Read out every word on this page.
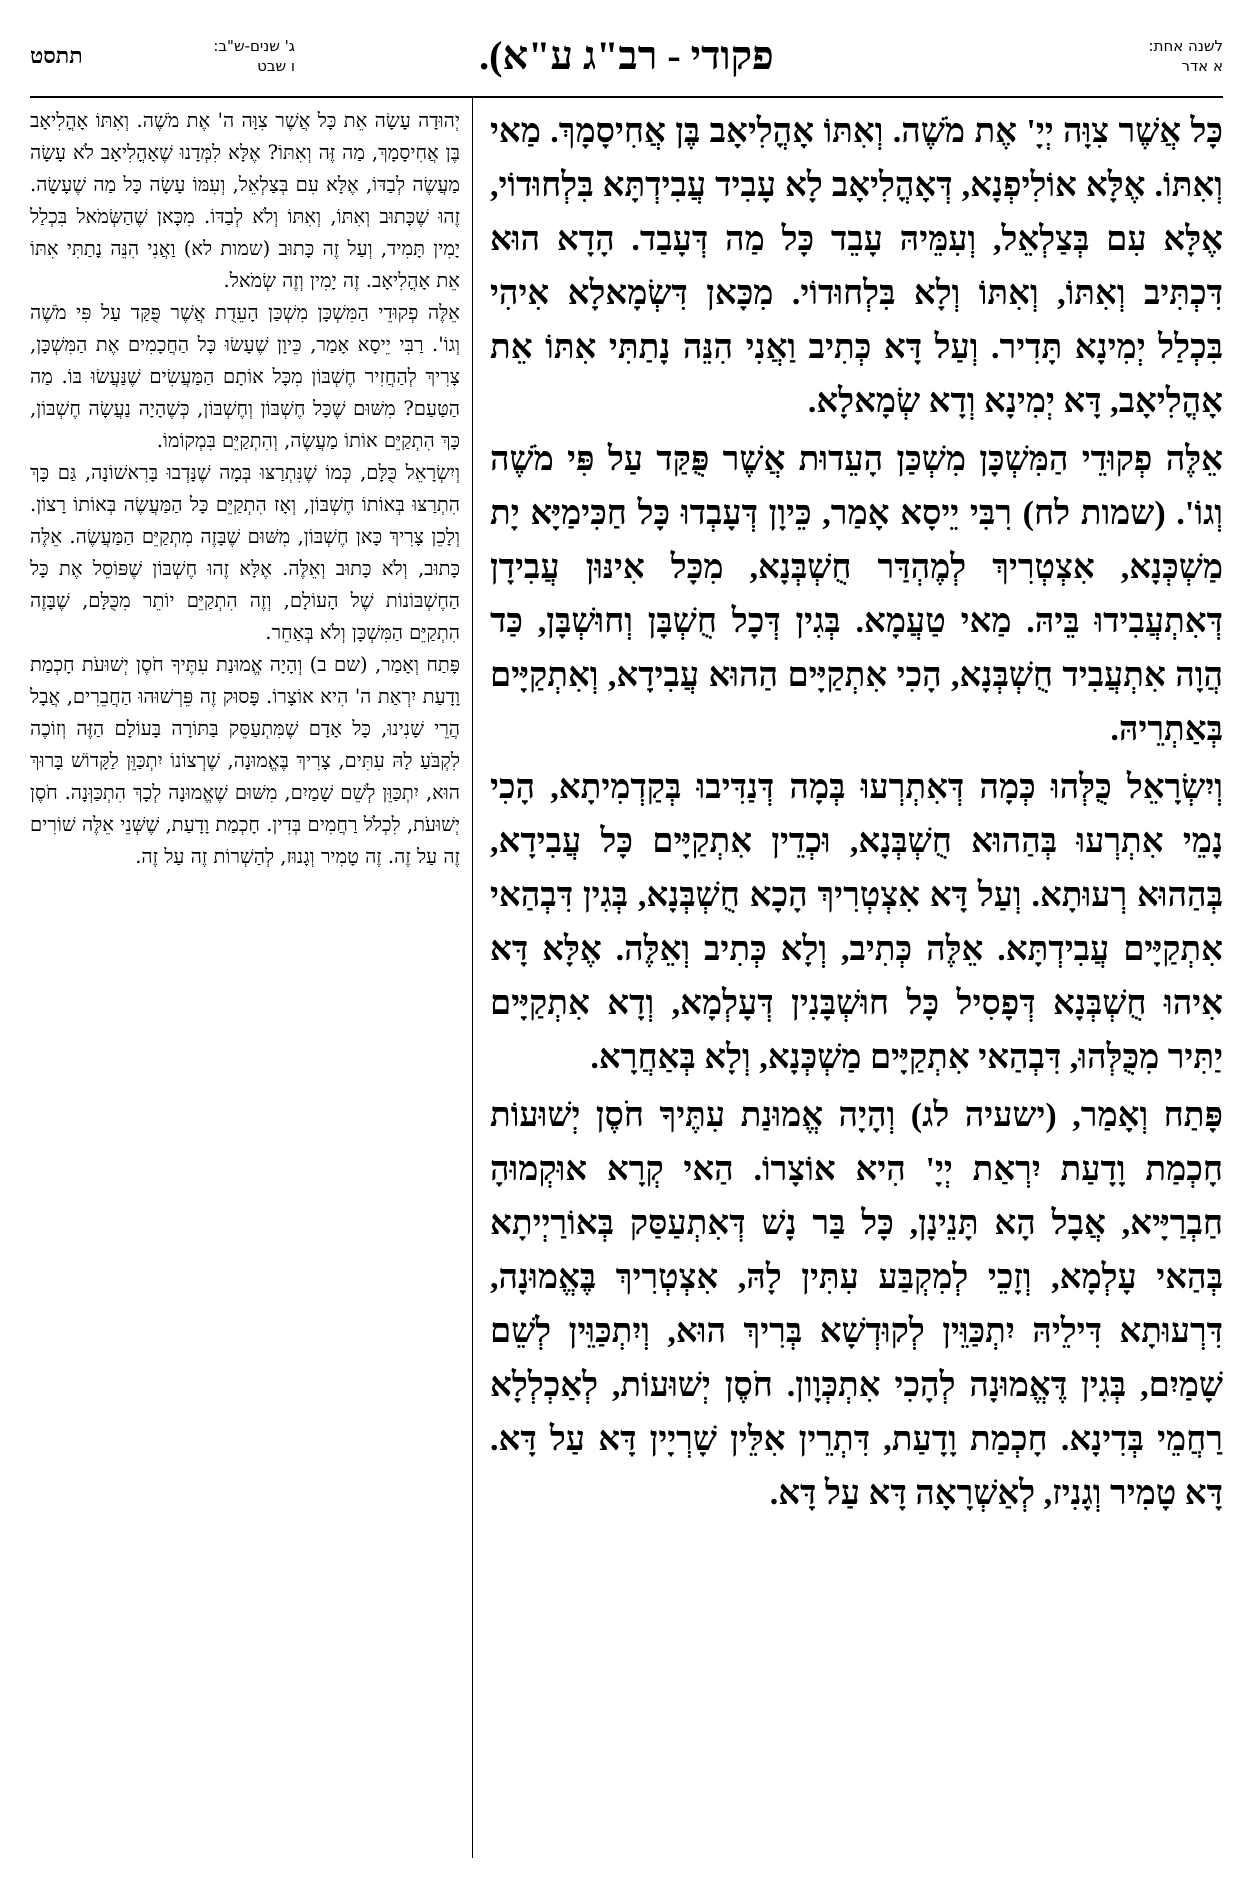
לשנה אחת:
א אדר
פקודי - רב"ג ע"א).
ג' שנים-ש"ב:
ו שבט
תתסט

כָּל אֲשֶׁר צִוָּה יְיָ' אֶת מֹשֶׁה. וְאִתּוֹ אָהֳלִיאָב בֶּן אֲחִיסָמָךְ. מַאי וְאִתּוֹ. אֶלָּא אוֹלִיפְנָא, דְּאָהֳלִיאָב לָא עָבִיד עֲבִידְתָּא בִּלְחוּדוֹי, אֶלָּא עִם בְּצַלְאֵל, וְעִמֵּיהּ עָבֵד כָּל מַה דְּעָבַד. הָדָא הוּא דִּכְתִּיב וְאִתּוֹ, וְאִתּוֹ וְלָא בִּלְחוּדוֹי. מִכָּאן דִּשְׂמָאלָא אִיהִי בִּכְלַל יְמִינָא תָּדִיר. וְעַל דָּא כְּתִיב וַאֲנִי הִנֵּה נָתַתִּי אִתּוֹ אֵת אָהֳלִיאָב, דָּא יְמִינָא וְדָא שְׂמָאלָא.

אֵלֶּה פְקוּדֵי הַמִּשְׁכָּן מִשְׁכַּן הָעֵדוּת אֲשֶׁר פֻּקַּד עַל פִּי מֹשֶׁה וְגוֹ'. (שמות לח) רִבִּי יֵיסָא אָמַר, כֵּיוָן דְּעָבְדוּ כָּל חַכִּימַיָּא יָת מַשְׁכְּנָא, אִצְטְרִיךְ לְמֶהְדַּר חֻשְׁבְּנָא, מִכָּל אִינּוּן עֲבִידָן דְּאִתְעֲבִידוּ בֵּיהּ. מַאי טַעֲמָא. בְּגִין דְּכָל חֻשְׁבָּן וְחוּשְׁבָּן, כַּד הֲוָה אִתְעֲבִיד חֻשְׁבְּנָא, הָכִי אִתְקַיָּים הַהוּא עֲבִידָא, וְאִתְקַיָּים בְּאַתְרֵיהּ.

וְיִשְׂרָאֵל כֻּלְּהוּ כְּמָה דְּאִתְרְעוּ בְּמָה דְּנַדִּיבוּ בְּקַדְמִיתָא, הָכִי נָמֵי אִתְרְעוּ בְּהַהוּא חֻשְׁבְּנָא, וּכְדֵין אִתְקַיָּים כָּל עֲבִידָא, בְּהַהוּא רְעוּתָא. וְעַל דָּא אִצְטְרִיךְ הָכָא חֻשְׁבְּנָא, בְּגִין דִּבְהַאי אִתְקַיָּים עֲבִידְתָּא. אֵלֶּה כְּתִיב, וְלָא כְּתִיב וְאֵלֶּה. אֶלָּא דָּא אִיהוּ חֻשְׁבְּנָא דְּפָסִיל כָּל חוּשְׁבָּנִין דְּעָלְמָא, וְדָא אִתְקַיָּים יַתִּיר מִכֻּלְּהוּ, דִּבְהַאי אִתְקַיָּים מַשְׁכְּנָא, וְלָא בְּאַחֲרָא.

פָּתַח וְאָמַר, (ישעיה לג) וְהָיָה אֱמוּנַת עִתֶּיךָ חֹסֶן יְשׁוּעוֹת חָכְמַת וָדָעַת יִרְאַת יְיָ' הִיא אוֹצָרוֹ. הַאי קְרָא אוּקְמוּהָ חַבְרַיָּיא, אֲבָל הָא תָּנֵינָן, כָּל בַּר נָשׁ דְּאִתְעַסַּק בְּאוֹרַיְיתָא בְּהַאי עָלְמָא, וְזָכֵי לְמִקְבַּע עִתִּין לָהּ, אִצְטְרִיךְ בֶּאֱמוּנָה, דִּרְעוּתָא דִּילֵיהּ יִתְכַּוֵּין לְקוּדְשָׁא בְּרִיךְ הוּא, וְיִתְכַּוֵּין לְשֵׁם שָׁמַיִם, בְּגִין דֶּאֱמוּנָה לְהָכִי אִתְכְּוָון. חֹסֶן יְשׁוּעוֹת, לְאַכְלְלָא רַחֲמֵי בְּדִינָא. חָכְמַת וָדָעַת, דִּתְרֵין אִלֵּין שָׁרְיָין דָּא עַל דָּא. דָּא טָמִיר וְגָנִיז, לְאַשְׁרָאָה דָּא עַל דָּא.

יְהוּדָה עָשָׂה אֵת כָּל אֲשֶׁר צִוָּה ה' אֶת מֹשֶׁה. וְאִתּוֹ אָהֳלִיאָב בֶּן אֲחִיסָמָךְ, מַה זֶּה וְאִתּוֹ? אֶלָּא לִמְּדָנוּ שֶׁאָהֳלִיאָב לֹא עָשָׂה מַעֲשֶׂה לְבַדּוֹ, אֶלָּא עִם בְּצַלְאֵל, וְעִמּוֹ עָשָׂה כָּל מַה שֶׁעָשָׂה. זֶהוּ שֶׁכָּתוּב וְאִתּוֹ, וְאִתּוֹ וְלֹא לְבַדּוֹ. מִכָּאן שֶׁהַשְּׂמֹאל בִּכְלַל יָמִין תָּמִיד, וְעַל זֶה כָּתוּב (שמות לא) וַאֲנִי הִנֵּה נָתַתִּי אִתּוֹ אֵת אָהֳלִיאָב. זֶה יָמִין וְזֶה שְׂמֹאל.

אֵלֶּה פְקוּדֵי הַמִּשְׁכָּן מִשְׁכַּן הָעֵדֻת אֲשֶׁר פֻּקַּד עַל פִּי מֹשֶׁה וְגוֹ'. רַבִּי יֵיסָא אָמַר, כֵּיוָן שֶׁעָשׂוּ כָּל הַחֲכָמִים אֶת הַמִּשְׁכָּן, צָרִיךְ לְהַחֲזִיר חֶשְׁבּוֹן מִכָּל אוֹתָם הַמַּעֲשִׂים שֶׁנַּעֲשׂוּ בּוֹ. מַה הַטַּעַם? מִשּׁוּם שֶׁכָּל חֶשְׁבּוֹן וְחֶשְׁבּוֹן, כְּשֶׁהָיָה נַעֲשָׂה חֶשְׁבּוֹן, כָּךְ הִתְקַיֵּם אוֹתוֹ מַעֲשֶׂה, וְהִתְקַיֵּם בִּמְקוֹמוֹ.

וְיִשְׂרָאֵל כֻּלָּם, כְּמוֹ שֶׁנִּתְרַצּוּ בְּמָה שֶׁנָּדְבוּ בָּרִאשׁוֹנָה, גַּם כָּךְ הִתְרַצּוּ בְּאוֹתוֹ חֶשְׁבּוֹן, וְאָז הִתְקַיֵּם כָּל הַמַּעֲשֶׂה בְּאוֹתוֹ רָצוֹן. וְלָכֵן צָרִיךְ כָּאן חֶשְׁבּוֹן, מִשּׁוּם שֶׁבָּזֶה מִתְקַיֵּם הַמַּעֲשֶׂה. אֵלֶּה כָּתוּב, וְלֹא כָּתוּב וְאֵלֶּה. אֶלָּא זֶהוּ חֶשְׁבּוֹן שֶׁפּוֹסֵל אֶת כָּל הַחֶשְׁבּוֹנוֹת שֶׁל הָעוֹלָם, וְזֶה הִתְקַיֵּם יוֹתֵר מִכֻּלָּם, שֶׁבָּזֶה הִתְקַיֵּם הַמִּשְׁכָּן וְלֹא בְּאַחֵר.

פָּתַח וְאָמַר, (שם ב) וְהָיָה אֱמוּנַת עִתֶּיךָ חֹסֶן יְשׁוּעֹת חָכְמַת וָדָעַת יִרְאַת ה' הִיא אוֹצָרוֹ. פָּסוּק זֶה פֵּרְשׁוּהוּ הַחֲבֵרִים, אֲבָל הֲרֵי שָׁנִינוּ, כָּל אָדָם שֶׁמִּתְעַסֵּק בַּתּוֹרָה בָּעוֹלָם הַזֶּה וְזוֹכֶה לִקְבֹּעַ לָהּ עִתִּים, צָרִיךְ בֶּאֱמוּנָה, שֶׁרְצוֹנוֹ יִתְכַּוֵּן לַקָּדוֹשׁ בָּרוּךְ הוּא, יִתְכַּוֵּן לְשֵׁם שָׁמַיִם, מִשּׁוּם שֶׁאֱמוּנָה לְכָךְ הִתְכַּוְּנָה. חֹסֶן יְשׁוּעֹת, לִכְלֹל רַחֲמִים בְּדִין. חָכְמַת וָדָעַת, שֶׁשְּׁנֵי אֵלֶּה שׁוֹרִים זֶה עַל זֶה. זֶה טָמִיר וְגָנוּז, לְהַשְׁרוֹת זֶה עַל זֶה.
